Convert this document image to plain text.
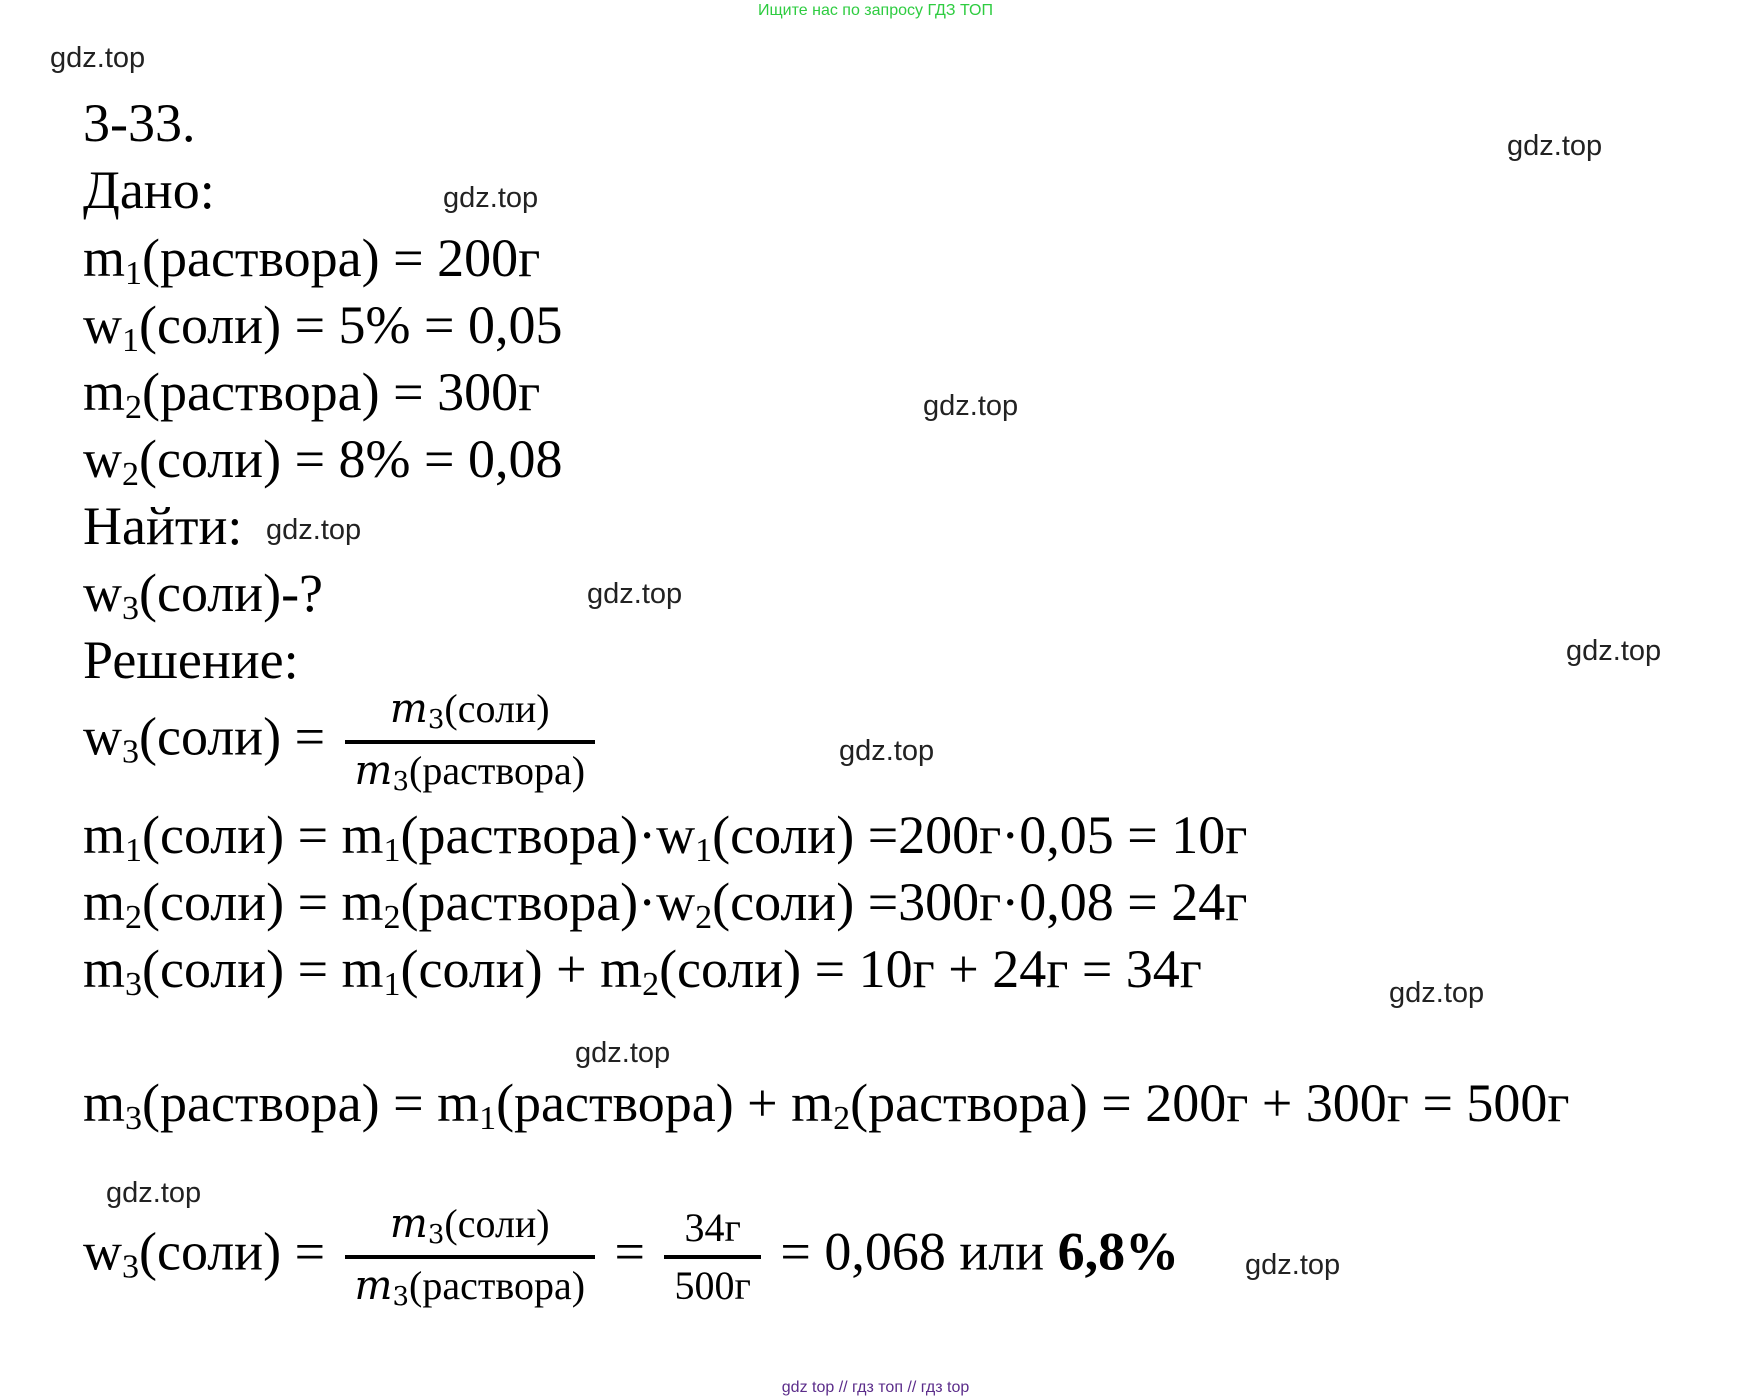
Ищите нас по запросу ГДЗ ТОП
gdz.top
gdz.top
gdz.top
gdz.top
gdz.top
gdz.top
gdz.top
gdz.top
gdz.top
gdz.top
gdz.top
gdz.top
3-33.
Дано:
$m_1(раствора) = 200г$
$w_1(соли) = 5\% = 0,05$
$m_2(раствора) = 300г$
$w_2(соли) = 8\% = 0,08$
Найти:
$w_3(соли)-$?
Решение:
$w_3(соли) = \frac{\text{m3(соли)}}{\text{m3(раствора)}}$
$m_1(соли)$ = $m_1(раствора)\cdot w_1(соли) =200г\cdot 0,05 = 10г$
$m_2(соли)$ = $m_2(раствора)\cdot w_2(соли) =300г\cdot 0,08 = 24г$
$m_3(соли)$ = $m_1(соли)$ + $m_2(соли) = 10г + 24г = 34г$
$m_3(раствора)$ = $m_1(раствора)$ + $m_2(раствора) = 200г + 300г = 500г$
$w_3(соли) = \frac{\text{m3(соли)}}{\text{m3(раствора)}} = \frac{34г}{500г} = 0,068$ или 6,8%
gdz top // гдз топ // гдз top
